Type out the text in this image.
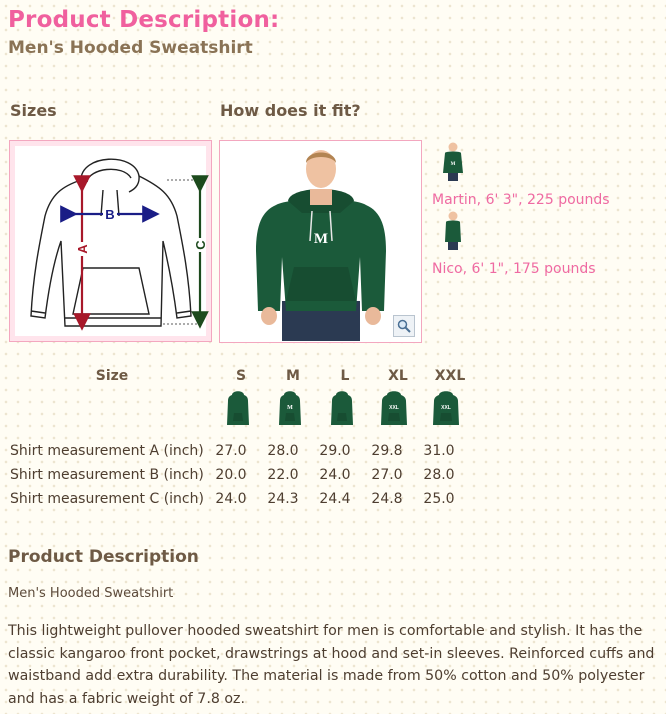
Product Description:
Men's Hooded Sweatshirt
Sizes	How does it fit?
A
B
C	M
M
Martin, 6' 3", 225 pounds
Nico, 6' 1", 175 pounds
Size	S	M	L	XL	XXL
M	XXL	XXL
Shirt measurement A (inch) 27.0	28.0	29.0	29.8	31.0
Shirt measurement B (inch) 20.0	22.0	24.0	27.0	28.0
Shirt measurement C (inch) 24.0	24.3	24.4	24.8	25.0
Product Description
Men's Hooded Sweatshirt
This lightweight pullover hooded sweatshirt for men is comfortable and stylish. It has the classic kangaroo front pocket, drawstrings at hood and set-in sleeves. Reinforced cuffs and waistband add extra durability. The material is made from 50% cotton and 50% polyester and has a fabric weight of 7.8 oz.
